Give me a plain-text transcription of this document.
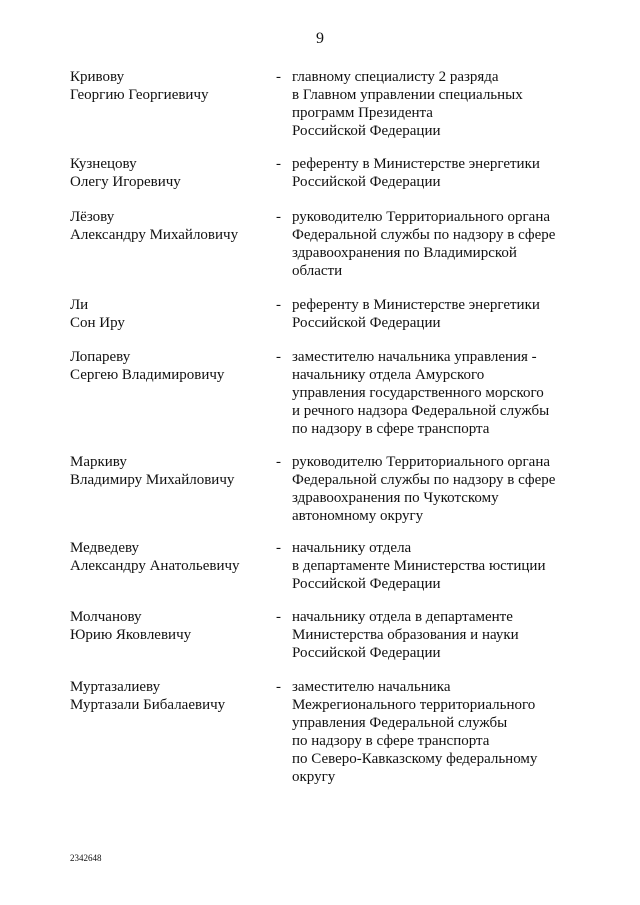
9
Кривову
Георгию Георгиевичу
- главному специалисту 2 разряда
в Главном управлении специальных
программ Президента
Российской Федерации
Кузнецову
Олегу Игоревичу
- референту в Министерстве энергетики
Российской Федерации
Лёзову
Александру Михайловичу
- руководителю Территориального органа
Федеральной службы по надзору в сфере
здравоохранения по Владимирской
области
Ли
Сон Иру
- референту в Министерстве энергетики
Российской Федерации
Лопареву
Сергею Владимировичу
- заместителю начальника управления -
начальнику отдела Амурского
управления государственного морского
и речного надзора Федеральной службы
по надзору в сфере транспорта
Маркиву
Владимиру Михайловичу
- руководителю Территориального органа
Федеральной службы по надзору в сфере
здравоохранения по Чукотскому
автономному округу
Медведеву
Александру Анатольевичу
- начальнику отдела
в департаменте Министерства юстиции
Российской Федерации
Молчанову
Юрию Яковлевичу
- начальнику отдела в департаменте
Министерства образования и науки
Российской Федерации
Муртазалиеву
Муртазали Бибалаевичу
- заместителю начальника
Межрегионального территориального
управления Федеральной службы
по надзору в сфере транспорта
по Северо-Кавказскому федеральному
округу
2342648
